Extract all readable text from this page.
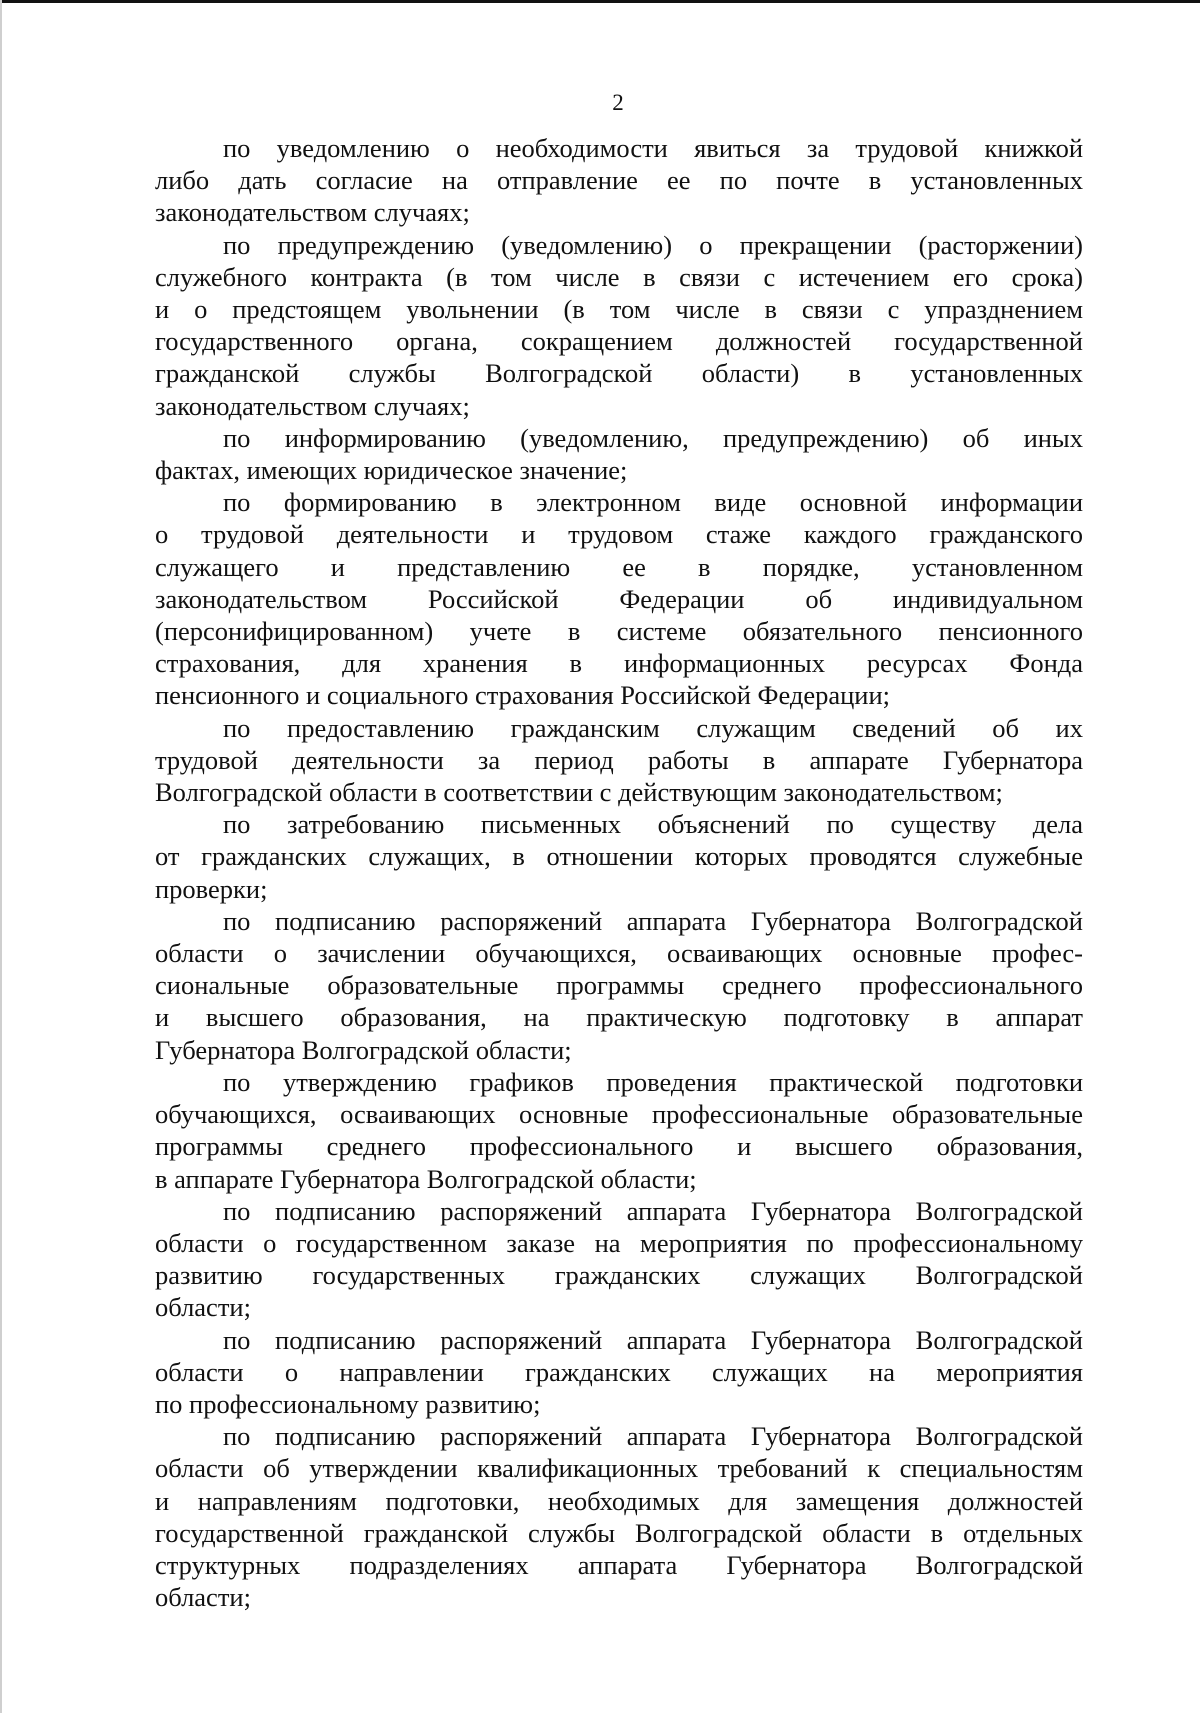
2

по уведомлению о необходимости явиться за трудовой книжкой
либо дать согласие на отправление ее по почте в установленных
законодательством случаях;

по предупреждению (уведомлению) о прекращении (расторжении)
служебного контракта (в том числе в связи с истечением его срока)
и о предстоящем увольнении (в том числе в связи с упразднением
государственного органа, сокращением должностей государственной
гражданской службы Волгоградской области) в установленных
законодательством случаях;

по информированию (уведомлению, предупреждению) об иных
фактах, имеющих юридическое значение;

по формированию в электронном виде основной информации
о трудовой деятельности и трудовом стаже каждого гражданского
служащего и представлению ее в порядке, установленном
законодательством Российской Федерации об индивидуальном
(персонифицированном) учете в системе обязательного пенсионного
страхования, для хранения в информационных ресурсах Фонда
пенсионного и социального страхования Российской Федерации;

по предоставлению гражданским служащим сведений об их
трудовой деятельности за период работы в аппарате Губернатора
Волгоградской области в соответствии с действующим законодательством;

по затребованию письменных объяснений по существу дела
от гражданских служащих, в отношении которых проводятся служебные
проверки;

по подписанию распоряжений аппарата Губернатора Волгоградской
области о зачислении обучающихся, осваивающих основные профес-
сиональные образовательные программы среднего профессионального
и высшего образования, на практическую подготовку в аппарат
Губернатора Волгоградской области;

по утверждению графиков проведения практической подготовки
обучающихся, осваивающих основные профессиональные образовательные
программы среднего профессионального и высшего образования,
в аппарате Губернатора Волгоградской области;

по подписанию распоряжений аппарата Губернатора Волгоградской
области о государственном заказе на мероприятия по профессиональному
развитию государственных гражданских служащих Волгоградской
области;

по подписанию распоряжений аппарата Губернатора Волгоградской
области о направлении гражданских служащих на мероприятия
по профессиональному развитию;

по подписанию распоряжений аппарата Губернатора Волгоградской
области об утверждении квалификационных требований к специальностям
и направлениям подготовки, необходимых для замещения должностей
государственной гражданской службы Волгоградской области в отдельных
структурных подразделениях аппарата Губернатора Волгоградской
области;
